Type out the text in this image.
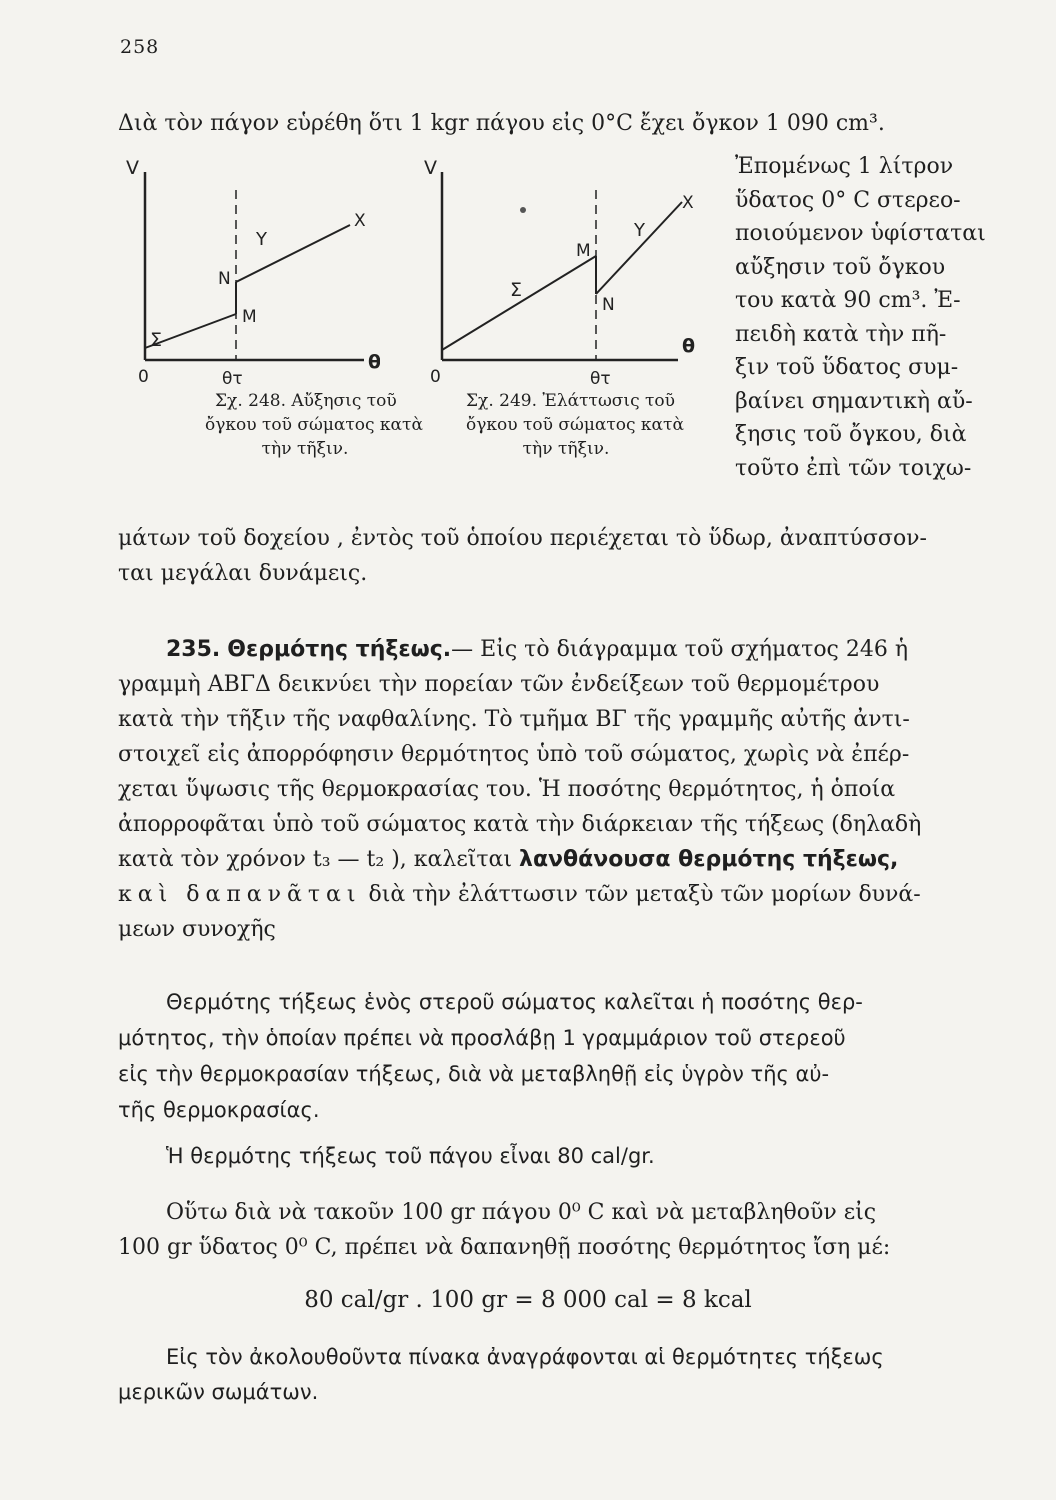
258
Διὰ τὸν πάγον εὑρέθη ὅτι 1 kgr πάγου εἰς 0°C ἔχει ὄγκον 1 090 cm³.
V
0	θτ
θ
Σ
M
N
Y
X
Σχ. 248. Αὔξησις τοῦ
ὄγκου τοῦ σώματος κατὰ
τὴν τῆξιν.
V
0	θτ
θ
Σ
M
N
Y
X
Σχ. 249. Ἐλάττωσις τοῦ
ὄγκου τοῦ σώματος κατὰ
τὴν τῆξιν.
Ἐπομένως 1 λίτρον
ὕδατος 0° C στερεο-
ποιούμενον ὑφίσταται
αὔξησιν τοῦ ὄγκου
του κατὰ 90 cm³. Ἐ-
πειδὴ κατὰ τὴν πῆ-
ξιν τοῦ ὕδατος συμ-
βαίνει σημαντικὴ αὔ-
ξησις τοῦ ὄγκου, διὰ
τοῦτο ἐπὶ τῶν τοιχω-
μάτων τοῦ δοχείου , ἐντὸς τοῦ ὁποίου περιέχεται τὸ ὕδωρ, ἀναπτύσσον-
ται μεγάλαι δυνάμεις.
235. Θερμότης τήξεως.— Εἰς τὸ διάγραμμα τοῦ σχήματος 246 ἡ
γραμμὴ ΑΒΓΔ δεικνύει τὴν πορείαν τῶν ἐνδείξεων τοῦ θερμομέτρου
κατὰ τὴν τῆξιν τῆς ναφθαλίνης. Τὸ τμῆμα ΒΓ τῆς γραμμῆς αὐτῆς ἀντι-
στοιχεῖ εἰς ἀπορρόφησιν θερμότητος ὑπὸ τοῦ σώματος, χωρὶς νὰ ἐπέρ-
χεται ὕψωσις τῆς θερμοκρασίας του. Ἡ ποσότης θερμότητος, ἡ ὁποία
ἀπορροφᾶται ὑπὸ τοῦ σώματος κατὰ τὴν διάρκειαν τῆς τήξεως (δηλαδὴ
κατὰ τὸν χρόνον t₃ — t₂ ), καλεῖται λανθάνουσα θερμότης τήξεως,
καὶ δαπανᾶται διὰ τὴν ἐλάττωσιν τῶν μεταξὺ τῶν μορίων δυνά-
μεων συνοχῆς
Θερμότης τήξεως ἑνὸς στεροῦ σώματος καλεῖται ἡ ποσότης θερ-
μότητος, τὴν ὁποίαν πρέπει νὰ προσλάβῃ 1 γραμμάριον τοῦ στερεοῦ
εἰς τὴν θερμοκρασίαν τήξεως, διὰ νὰ μεταβληθῇ εἰς ὑγρὸν τῆς αὐ-
τῆς θερμοκρασίας.
Ἡ θερμότης τήξεως τοῦ πάγου εἶναι 80 cal/gr.
Οὕτω διὰ νὰ τακοῦν 100 gr πάγου 0⁰ C καὶ νὰ μεταβληθοῦν εἰς
100 gr ὕδατος 0⁰ C, πρέπει νὰ δαπανηθῇ ποσότης θερμότητος ἴση μέ:
80 cal/gr . 100 gr = 8 000 cal = 8 kcal
Εἰς τὸν ἀκολουθοῦντα πίνακα ἀναγράφονται αἱ θερμότητες τήξεως
μερικῶν σωμάτων.
